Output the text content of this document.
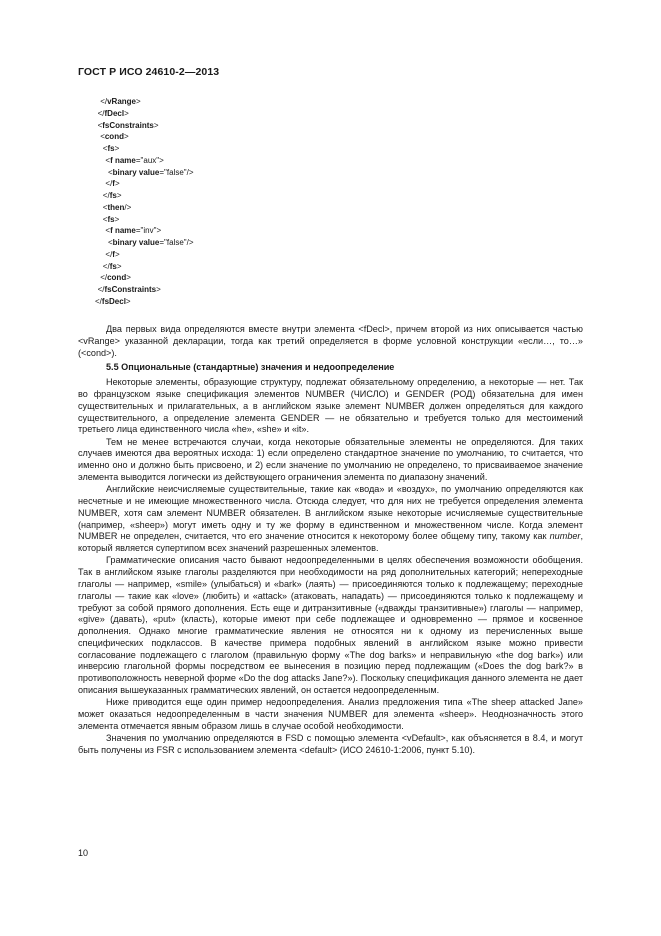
ГОСТ Р ИСО 24610-2—2013
</vRange>
</fDecl>
<fsConstraints>
<cond>
<fs>
<f name="aux">
<binary value="false"/>
</f>
</fs>
<then/>
<fs>
<f name="inv">
<binary value="false"/>
</f>
</fs>
</cond>
</fsConstraints>
</fsDecl>

Два первых вида определяются вместе внутри элемента <fDecl>, причем второй из них описывается частью <vRange> указанной декларации, тогда как третий определяется в форме условной конструкции «если…, то…» (<cond>).

5.5 Опциональные (стандартные) значения и недоопределение

Некоторые элементы, образующие структуру, подлежат обязательному определению, а некоторые — нет. Так во французском языке спецификация элементов NUMBER (ЧИСЛО) и GENDER (РОД) обязательна для имен существительных и прилагательных, а в английском языке элемент NUMBER должен определяться для каждого существительного, а определение элемента GENDER — не обязательно и требуется только для местоимений третьего лица единственного числа «he», «she» и «it».

Тем не менее встречаются случаи, когда некоторые обязательные элементы не определяются. Для таких случаев имеются два вероятных исхода: 1) если определено стандартное значение по умолчанию, то считается, что именно оно и должно быть присвоено, и 2) если значение по умолчанию не определено, то присваиваемое значение элемента выводится логически из действующего ограничения элемента по диапазону значений.

Английские неисчисляемые существительные, такие как «вода» и «воздух», по умолчанию определяются как несчетные и не имеющие множественного числа. Отсюда следует, что для них не требуется определения элемента NUMBER, хотя сам элемент NUMBER обязателен. В английском языке некоторые исчисляемые существительные (например, «sheep») могут иметь одну и ту же форму в единственном и множественном числе. Когда элемент NUMBER не определен, считается, что его значение относится к некоторому более общему типу, такому как number, который является супертипом всех значений разрешенных элементов.

Грамматические описания часто бывают недоопределенными в целях обеспечения возможности обобщения. Так в английском языке глаголы разделяются при необходимости на ряд дополнительных категорий; непереходные глаголы — например, «smile» (улыбаться) и «bark» (лаять) — присоединяются только к подлежащему; переходные глаголы — такие как «love» (любить) и «attack» (атаковать, нападать) — присоединяются только к подлежащему и требуют за собой прямого дополнения. Есть еще и дитранзитивные («дважды транзитивные») глаголы — например, «give» (давать), «put» (класть), которые имеют при себе подлежащее и одновременно — прямое и косвенное дополнения. Однако многие грамматические явления не относятся ни к одному из перечисленных выше специфических подклассов. В качестве примера подобных явлений в английском языке можно привести согласование подлежащего с глаголом (правильную форму «The dog barks» и неправильную «the dog bark») или инверсию глагольной формы посредством ее вынесения в позицию перед подлежащим («Does the dog bark?» в противоположность неверной форме «Do the dog attacks Jane?»). Поскольку спецификация данного элемента не дает описания вышеуказанных грамматических явлений, он остается недоопределенным.

Ниже приводится еще один пример недоопределения. Анализ предложения типа «The sheep attacked Jane» может оказаться недоопределенным в части значения NUMBER для элемента «sheep». Неоднозначность этого элемента отмечается явным образом лишь в случае особой необходимости.

Значения по умолчанию определяются в FSD с помощью элемента <vDefault>, как объясняется в 8.4, и могут быть получены из FSR с использованием элемента <default> (ИСО 24610-1:2006, пункт 5.10).

10
